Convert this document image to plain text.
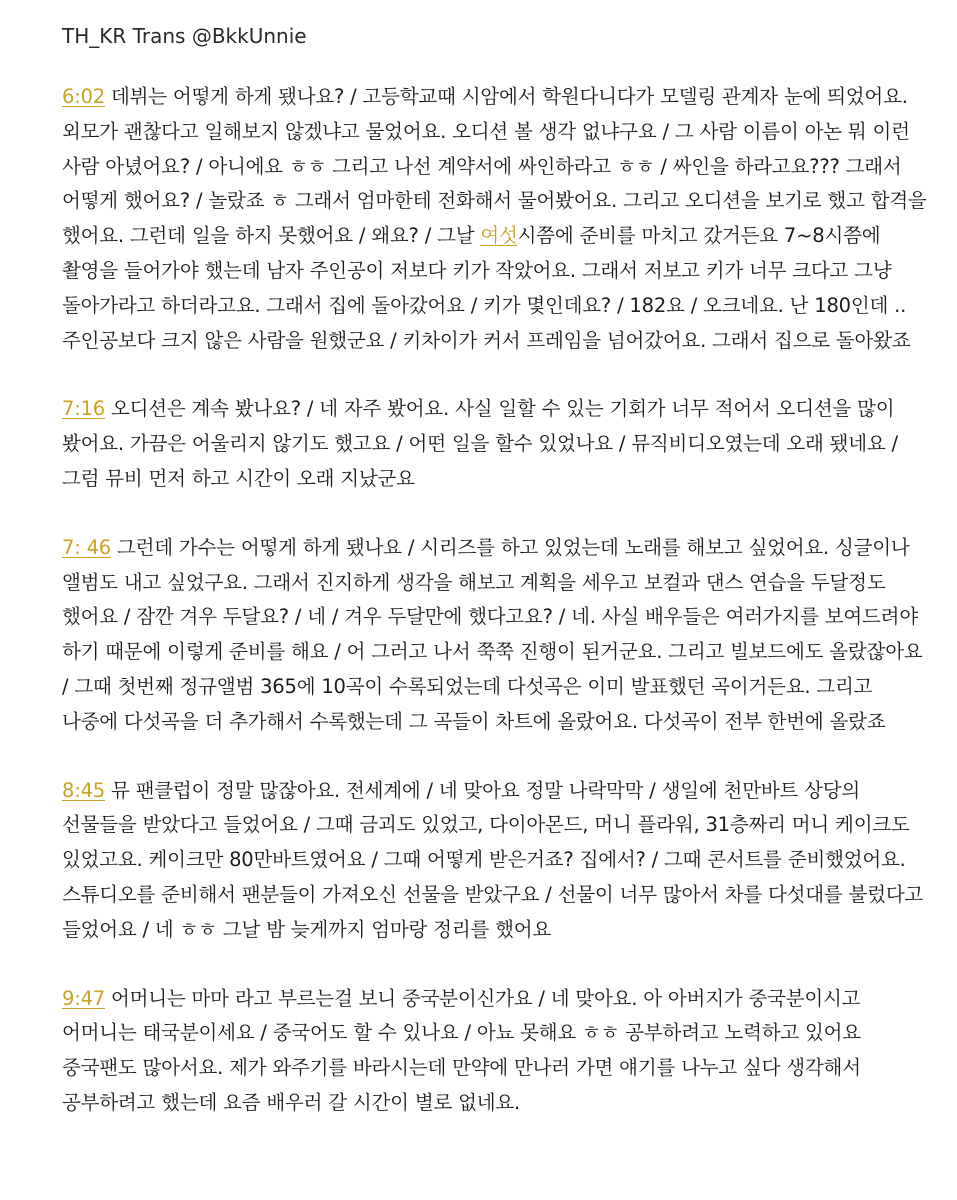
TH_KR Trans @BkkUnnie

6:02 데뷔는 어떻게 하게 됐나요? / 고등학교때 시암에서 학원다니다가 모델링 관계자 눈에 띄었어요. 외모가 괜찮다고 일해보지 않겠냐고 물었어요. 오디션 볼 생각 없냐구요 / 그 사람 이름이 아논 뭐 이런 사람 아녔어요? / 아니에요 ㅎㅎ 그리고 나선 계약서에 싸인하라고 ㅎㅎ / 싸인을 하라고요??? 그래서 어떻게 했어요? / 놀랐죠 ㅎ 그래서 엄마한테 전화해서 물어봤어요. 그리고 오디션을 보기로 했고 합격을 했어요. 그런데 일을 하지 못했어요 / 왜요? / 그날 여섯시쯤에 준비를 마치고 갔거든요 7~8시쯤에 촬영을 들어가야 했는데 남자 주인공이 저보다 키가 작았어요. 그래서 저보고 키가 너무 크다고 그냥 돌아가라고 하더라고요. 그래서 집에 돌아갔어요 / 키가 몇인데요? / 182요 / 오크네요. 난 180인데 .. 주인공보다 크지 않은 사람을 원했군요 / 키차이가 커서 프레임을 넘어갔어요. 그래서 집으로 돌아왔죠

7:16 오디션은 계속 봤나요? / 네 자주 봤어요. 사실 일할 수 있는 기회가 너무 적어서 오디션을 많이 봤어요. 가끔은 어울리지 않기도 했고요 / 어떤 일을 할수 있었나요 / 뮤직비디오였는데 오래 됐네요 / 그럼 뮤비 먼저 하고 시간이 오래 지났군요

7: 46 그런데 가수는 어떻게 하게 됐나요 / 시리즈를 하고 있었는데 노래를 해보고 싶었어요. 싱글이나 앨범도 내고 싶었구요. 그래서 진지하게 생각을 해보고 계획을 세우고 보컬과 댄스 연습을 두달정도 했어요 / 잠깐 겨우 두달요? / 네 / 겨우 두달만에 했다고요? / 네. 사실 배우들은 여러가지를 보여드려야 하기 때문에 이렇게 준비를 해요 / 어 그러고 나서 쭉쭉 진행이 된거군요. 그리고 빌보드에도 올랐잖아요 / 그때 첫번째 정규앨범 365에 10곡이 수록되었는데 다섯곡은 이미 발표했던 곡이거든요. 그리고 나중에 다섯곡을 더 추가해서 수록했는데 그 곡들이 차트에 올랐어요. 다섯곡이 전부 한번에 올랐죠

8:45 뮤 팬클럽이 정말 많잖아요. 전세계에 / 네 맞아요 정말 나락막막 / 생일에 천만바트 상당의 선물들을 받았다고 들었어요 / 그때 금괴도 있었고, 다이아몬드, 머니 플라워, 31층짜리 머니 케이크도 있었고요. 케이크만 80만바트였어요 / 그때 어떻게 받은거죠? 집에서? / 그때 콘서트를 준비했었어요. 스튜디오를 준비해서 팬분들이 가져오신 선물을 받았구요 / 선물이 너무 많아서 차를 다섯대를 불렀다고 들었어요 / 네 ㅎㅎ 그날 밤 늦게까지 엄마랑 정리를 했어요

9:47 어머니는 마마 라고 부르는걸 보니 중국분이신가요 / 네 맞아요. 아 아버지가 중국분이시고 어머니는 태국분이세요 / 중국어도 할 수 있나요 / 아뇨 못해요 ㅎㅎ 공부하려고 노력하고 있어요 중국팬도 많아서요. 제가 와주기를 바라시는데 만약에 만나러 가면 얘기를 나누고 싶다 생각해서 공부하려고 했는데 요즘 배우러 갈 시간이 별로 없네요.
